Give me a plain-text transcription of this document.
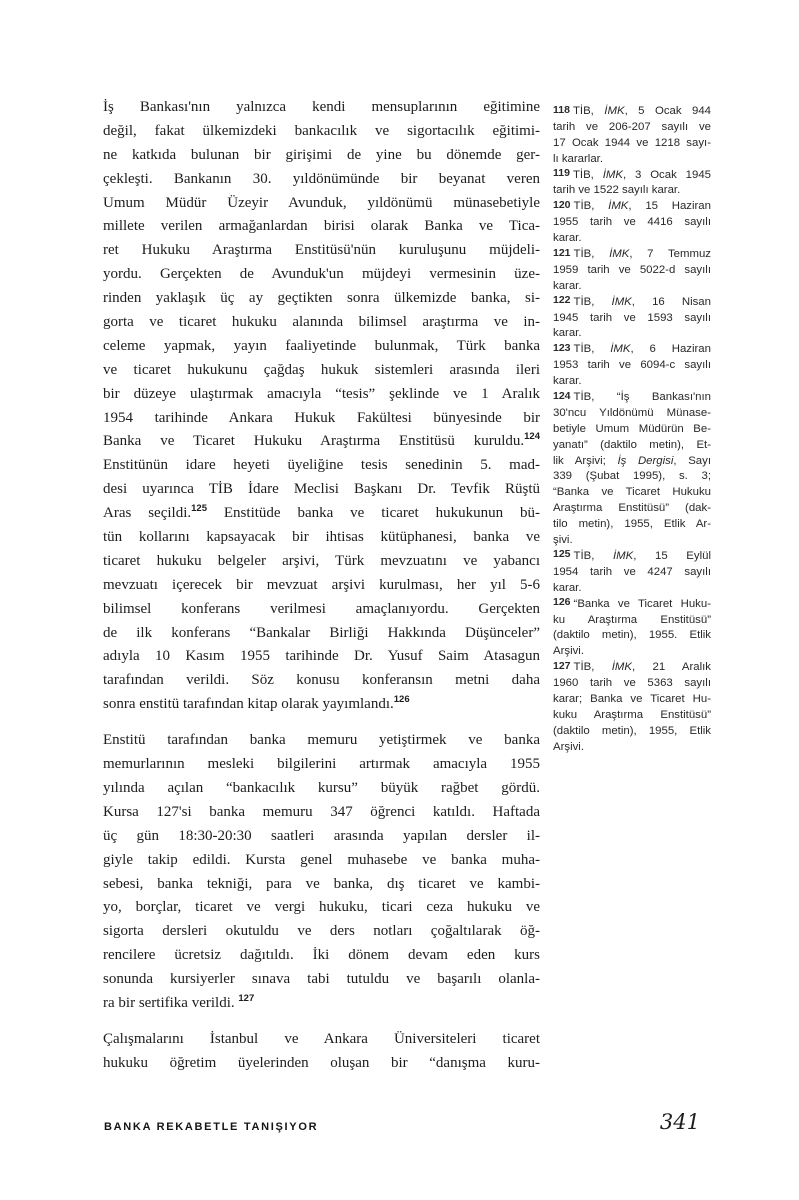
İş Bankası'nın yalnızca kendi mensuplarının eğitimine
değil, fakat ülkemizdeki bankacılık ve sigortacılık eğitimi-
ne katkıda bulunan bir girişimi de yine bu dönemde ger-
çekleşti. Bankanın 30. yıldönümünde bir beyanat veren
Umum Müdür Üzeyir Avunduk, yıldönümü münasebetiyle
millete verilen armağanlardan birisi olarak Banka ve Tica-
ret Hukuku Araştırma Enstitüsü'nün kuruluşunu müjdeli-
yordu. Gerçekten de Avunduk'un müjdeyi vermesinin üze-
rinden yaklaşık üç ay geçtikten sonra ülkemizde banka, si-
gorta ve ticaret hukuku alanında bilimsel araştırma ve in-
celeme yapmak, yayın faaliyetinde bulunmak, Türk banka
ve ticaret hukukunu çağdaş hukuk sistemleri arasında ileri
bir düzeye ulaştırmak amacıyla “tesis” şeklinde ve 1 Aralık
1954 tarihinde Ankara Hukuk Fakültesi bünyesinde bir
Banka ve Ticaret Hukuku Araştırma Enstitüsü kuruldu.$^{124}$
Enstitünün idare heyeti üyeliğine tesis senedinin 5. mad-
desi uyarınca TİB İdare Meclisi Başkanı Dr. Tevfik Rüştü
Aras seçildi.$^{125}$ Enstitüde banka ve ticaret hukukunun bü-
tün kollarını kapsayacak bir ihtisas kütüphanesi, banka ve
ticaret hukuku belgeler arşivi, Türk mevzuatını ve yabancı
mevzuatı içerecek bir mevzuat arşivi kurulması, her yıl 5-6
bilimsel konferans verilmesi amaçlanıyordu. Gerçekten
de ilk konferans “Bankalar Birliği Hakkında Düşünceler”
adıyla 10 Kasım 1955 tarihinde Dr. Yusuf Saim Atasagun
tarafından verildi. Söz konusu konferansın metni daha
sonra enstitü tarafından kitap olarak yayımlandı.$^{126}$
Enstitü tarafından banka memuru yetiştirmek ve banka
memurlarının mesleki bilgilerini artırmak amacıyla 1955
yılında açılan “bankacılık kursu” büyük rağbet gördü.
Kursa 127'si banka memuru 347 öğrenci katıldı. Haftada
üç gün 18:30-20:30 saatleri arasında yapılan dersler il-
giyle takip edildi. Kursta genel muhasebe ve banka muha-
sebesi, banka tekniği, para ve banka, dış ticaret ve kambi-
yo, borçlar, ticaret ve vergi hukuku, ticari ceza hukuku ve
sigorta dersleri okutuldu ve ders notları çoğaltılarak öğ-
rencilere ücretsiz dağıtıldı. İki dönem devam eden kurs
sonunda kursiyerler sınava tabi tutuldu ve başarılı olanla-
ra bir sertifika verildi. $^{127}$
Çalışmalarını İstanbul ve Ankara Üniversiteleri ticaret
hukuku öğretim üyelerinden oluşan bir “danışma kuru-
118 TİB, İMK, 5 Ocak 944
tarih ve 206-207 sayılı ve
17 Ocak 1944 ve 1218 sayı-
lı kararlar.
119 TİB, İMK, 3 Ocak 1945
tarih ve 1522 sayılı karar.
120 TİB, İMK, 15 Haziran
1955 tarih ve 4416 sayılı
karar.
121 TİB, İMK, 7 Temmuz
1959 tarih ve 5022-d sayılı
karar.
122 TİB, İMK, 16 Nisan
1945 tarih ve 1593 sayılı
karar.
123 TİB, İMK, 6 Haziran
1953 tarih ve 6094-c sayılı
karar.
124 TİB, “İş Bankası'nın
30'ncu Yıldönümü Münase-
betiyle Umum Müdürün Be-
yanatı” (daktilo metin), Et-
lik Arşivi; İş Dergisi, Sayı
339 (Şubat 1995), s. 3;
“Banka ve Ticaret Hukuku
Araştırma Enstitüsü” (dak-
tilo metin), 1955, Etlik Ar-
şivi.
125 TİB, İMK, 15 Eylül
1954 tarih ve 4247 sayılı
karar.
126 “Banka ve Ticaret Huku-
ku Araştırma Enstitüsü”
(daktilo metin), 1955. Etlik
Arşivi.
127 TİB, İMK, 21 Aralık
1960 tarih ve 5363 sayılı
karar; Banka ve Ticaret Hu-
kuku Araştırma Enstitüsü”
(daktilo metin), 1955, Etlik
Arşivi.
BANKA REKABETLE TANIŞIYOR	341
